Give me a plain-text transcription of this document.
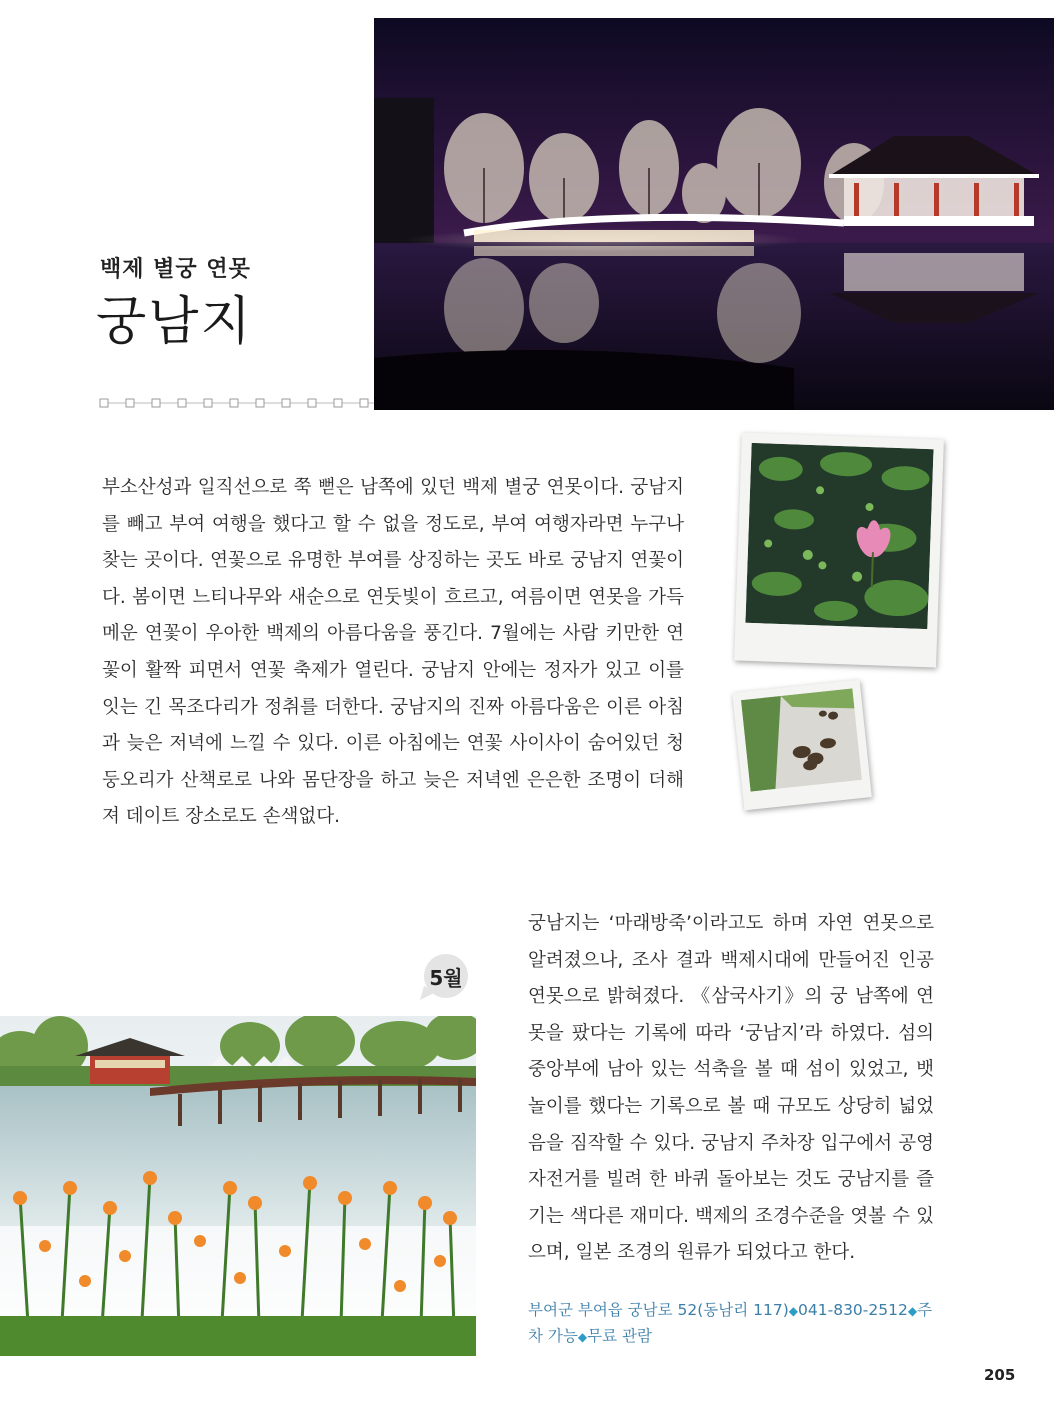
백제 별궁 연못
궁남지

부소산성과 일직선으로 쭉 뻗은 남쪽에 있던 백제 별궁 연못이다. 궁남지를 빼고 부여 여행을 했다고 할 수 없을 정도로, 부여 여행자라면 누구나 찾는 곳이다. 연꽃으로 유명한 부여를 상징하는 곳도 바로 궁남지 연꽃이다. 봄이면 느티나무와 새순으로 연둣빛이 흐르고, 여름이면 연못을 가득 메운 연꽃이 우아한 백제의 아름다움을 풍긴다. 7월에는 사람 키만한 연꽃이 활짝 피면서 연꽃 축제가 열린다. 궁남지 안에는 정자가 있고 이를 잇는 긴 목조다리가 정취를 더한다. 궁남지의 진짜 아름다움은 이른 아침과 늦은 저녁에 느낄 수 있다. 이른 아침에는 연꽃 사이사이 숨어있던 청둥오리가 산책로로 나와 몸단장을 하고 늦은 저녁엔 은은한 조명이 더해져 데이트 장소로도 손색없다.

5월

궁남지는 ‘마래방죽’이라고도 하며 자연 연못으로 알려졌으나, 조사 결과 백제시대에 만들어진 인공 연못으로 밝혀졌다. 《삼국사기》의 궁 남쪽에 연못을 팠다는 기록에 따라 ‘궁남지’라 하였다. 섬의 중앙부에 남아 있는 석축을 볼 때 섬이 있었고, 뱃놀이를 했다는 기록으로 볼 때 규모도 상당히 넓었음을 짐작할 수 있다. 궁남지 주차장 입구에서 공영자전거를 빌려 한 바퀴 돌아보는 것도 궁남지를 즐기는 색다른 재미다. 백제의 조경수준을 엿볼 수 있으며, 일본 조경의 원류가 되었다고 한다.

부여군 부여읍 궁남로 52(동남리 117)◆041-830-2512◆주차 가능◆무료 관람
205
